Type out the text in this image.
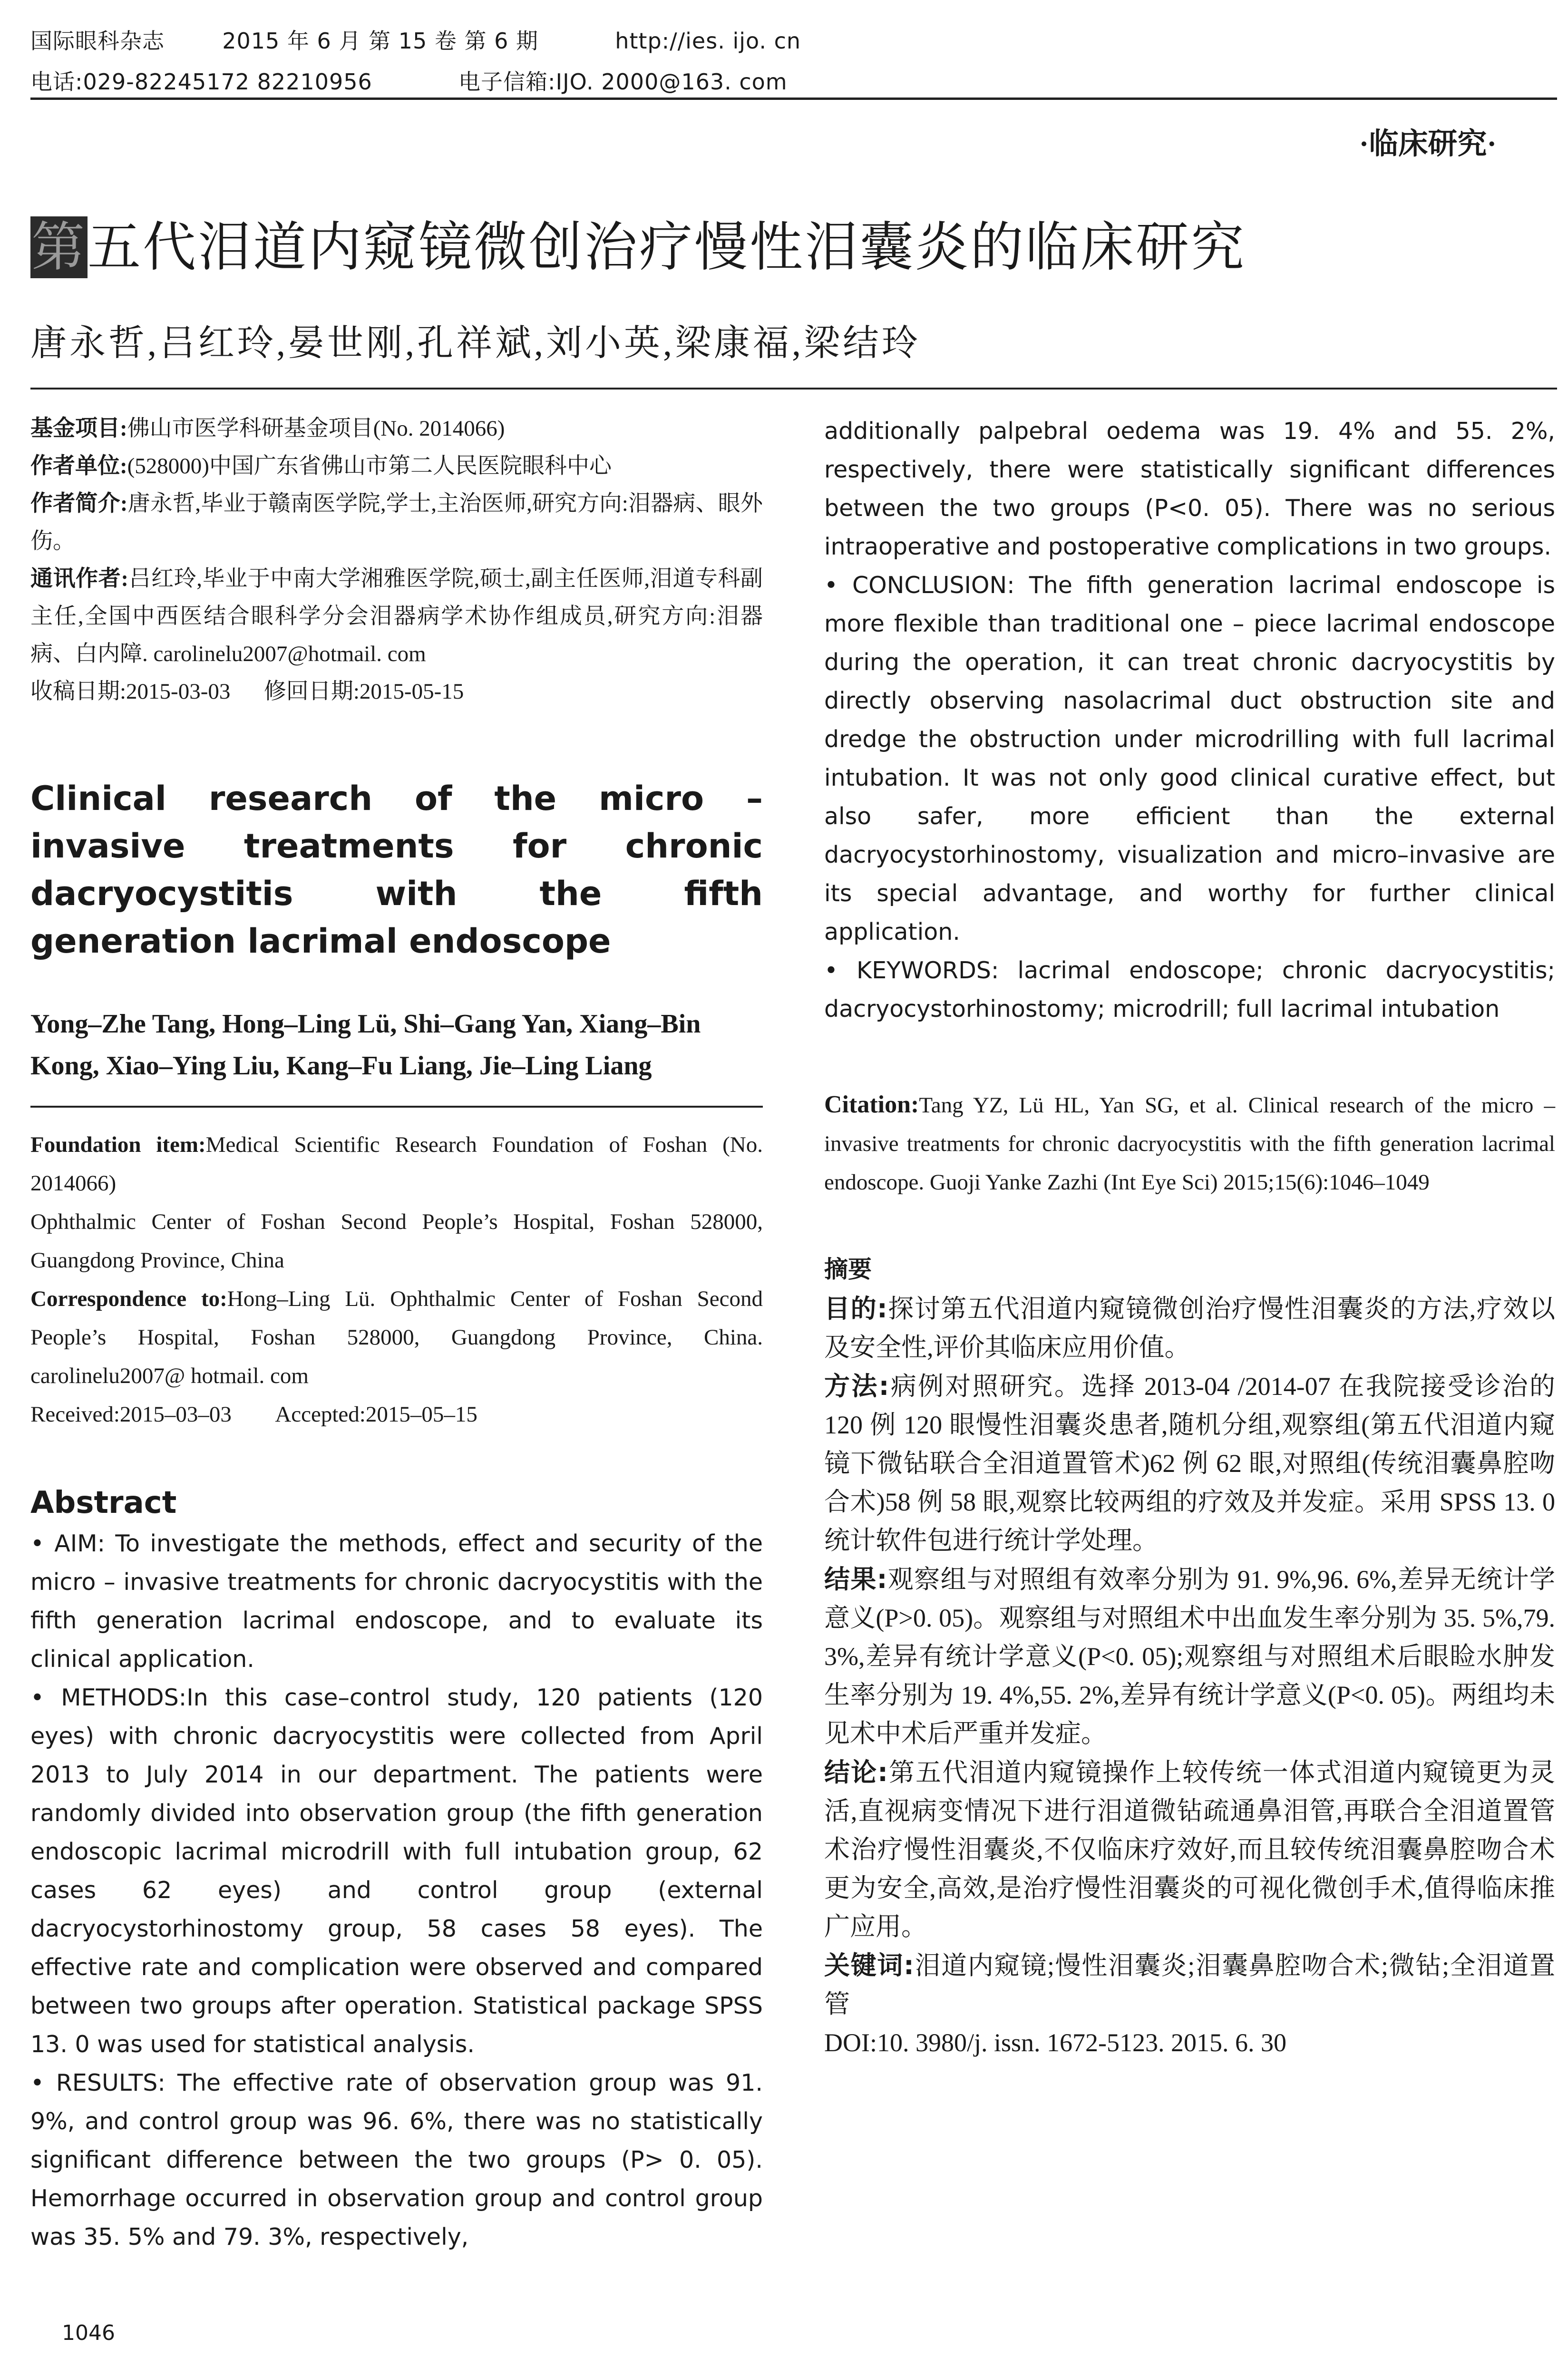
国际眼科杂志	2015 年 6 月 第 15 卷 第 6 期	http://ies. ijo. cn
电话:029-82245172 82210956	电子信箱:IJO. 2000@163. com
·临床研究·
第五代泪道内窥镜微创治疗慢性泪囊炎的临床研究
唐永哲,吕红玲,晏世刚,孔祥斌,刘小英,梁康福,梁结玲

基金项目:佛山市医学科研基金项目(No. 2014066)

作者单位:(528000)中国广东省佛山市第二人民医院眼科中心

作者简介:唐永哲,毕业于赣南医学院,学士,主治医师,研究方向:泪器病、眼外伤。

通讯作者:吕红玲,毕业于中南大学湘雅医学院,硕士,副主任医师,泪道专科副主任,全国中西医结合眼科学分会泪器病学术协作组成员,研究方向:泪器病、白内障. carolinelu2007@hotmail. com

收稿日期:2015-03-03      修回日期:2015-05-15

Clinical research of the micro – invasive treatments for chronic dacryocystitis with the fifth generation lacrimal endoscope

Yong–Zhe Tang, Hong–Ling Lü, Shi–Gang Yan, Xiang–Bin Kong, Xiao–Ying Liu, Kang–Fu Liang, Jie–Ling Liang

Foundation item:Medical Scientific Research Foundation of Foshan (No. 2014066)

Ophthalmic Center of Foshan Second People’s Hospital, Foshan 528000, Guangdong Province, China

Correspondence to:Hong–Ling Lü. Ophthalmic Center of Foshan Second People’s Hospital, Foshan 528000, Guangdong Province, China. carolinelu2007@ hotmail. com

Received:2015–03–03        Accepted:2015–05–15

Abstract

• AIM: To investigate the methods, effect and security of the micro – invasive treatments for chronic dacryocystitis with the fifth generation lacrimal endoscope, and to evaluate its clinical application.

• METHODS:In this case–control study, 120 patients (120 eyes) with chronic dacryocystitis were collected from April 2013 to July 2014 in our department. The patients were randomly divided into observation group (the fifth generation endoscopic lacrimal microdrill with full intubation group, 62 cases 62 eyes) and control group (external dacryocystorhinostomy group, 58 cases 58 eyes). The effective rate and complication were observed and compared between two groups after operation. Statistical package SPSS 13. 0 was used for statistical analysis.

• RESULTS: The effective rate of observation group was 91. 9%, and control group was 96. 6%, there was no statistically significant difference between the two groups (P> 0. 05). Hemorrhage occurred in observation group and control group was 35. 5% and 79. 3%, respectively,

additionally palpebral oedema was 19. 4% and 55. 2%, respectively, there were statistically significant differences between the two groups (P<0. 05). There was no serious intraoperative and postoperative complications in two groups.

• CONCLUSION: The fifth generation lacrimal endoscope is more flexible than traditional one – piece lacrimal endoscope during the operation, it can treat chronic dacryocystitis by directly observing nasolacrimal duct obstruction site and dredge the obstruction under microdrilling with full lacrimal intubation. It was not only good clinical curative effect, but also safer, more efficient than the external dacryocystorhinostomy, visualization and micro–invasive are its special advantage, and worthy for further clinical application.

• KEYWORDS: lacrimal endoscope; chronic dacryocystitis; dacryocystorhinostomy; microdrill; full lacrimal intubation

Citation:Tang YZ, Lü HL, Yan SG, et al. Clinical research of the micro – invasive treatments for chronic dacryocystitis with the fifth generation lacrimal endoscope. Guoji Yanke Zazhi (Int Eye Sci) 2015;15(6):1046–1049

摘要

目的:探讨第五代泪道内窥镜微创治疗慢性泪囊炎的方法,疗效以及安全性,评价其临床应用价值。

方法:病例对照研究。选择 2013-04 /2014-07 在我院接受诊治的 120 例 120 眼慢性泪囊炎患者,随机分组,观察组(第五代泪道内窥镜下微钻联合全泪道置管术)62 例 62 眼,对照组(传统泪囊鼻腔吻合术)58 例 58 眼,观察比较两组的疗效及并发症。采用 SPSS 13. 0 统计软件包进行统计学处理。

结果:观察组与对照组有效率分别为 91. 9%,96. 6%,差异无统计学意义(P>0. 05)。观察组与对照组术中出血发生率分别为 35. 5%,79. 3%,差异有统计学意义(P<0. 05);观察组与对照组术后眼睑水肿发生率分别为 19. 4%,55. 2%,差异有统计学意义(P<0. 05)。两组均未见术中术后严重并发症。

结论:第五代泪道内窥镜操作上较传统一体式泪道内窥镜更为灵活,直视病变情况下进行泪道微钻疏通鼻泪管,再联合全泪道置管术治疗慢性泪囊炎,不仅临床疗效好,而且较传统泪囊鼻腔吻合术更为安全,高效,是治疗慢性泪囊炎的可视化微创手术,值得临床推广应用。

关键词:泪道内窥镜;慢性泪囊炎;泪囊鼻腔吻合术;微钻;全泪道置管

DOI:10. 3980/j. issn. 1672-5123. 2015. 6. 30

1046
